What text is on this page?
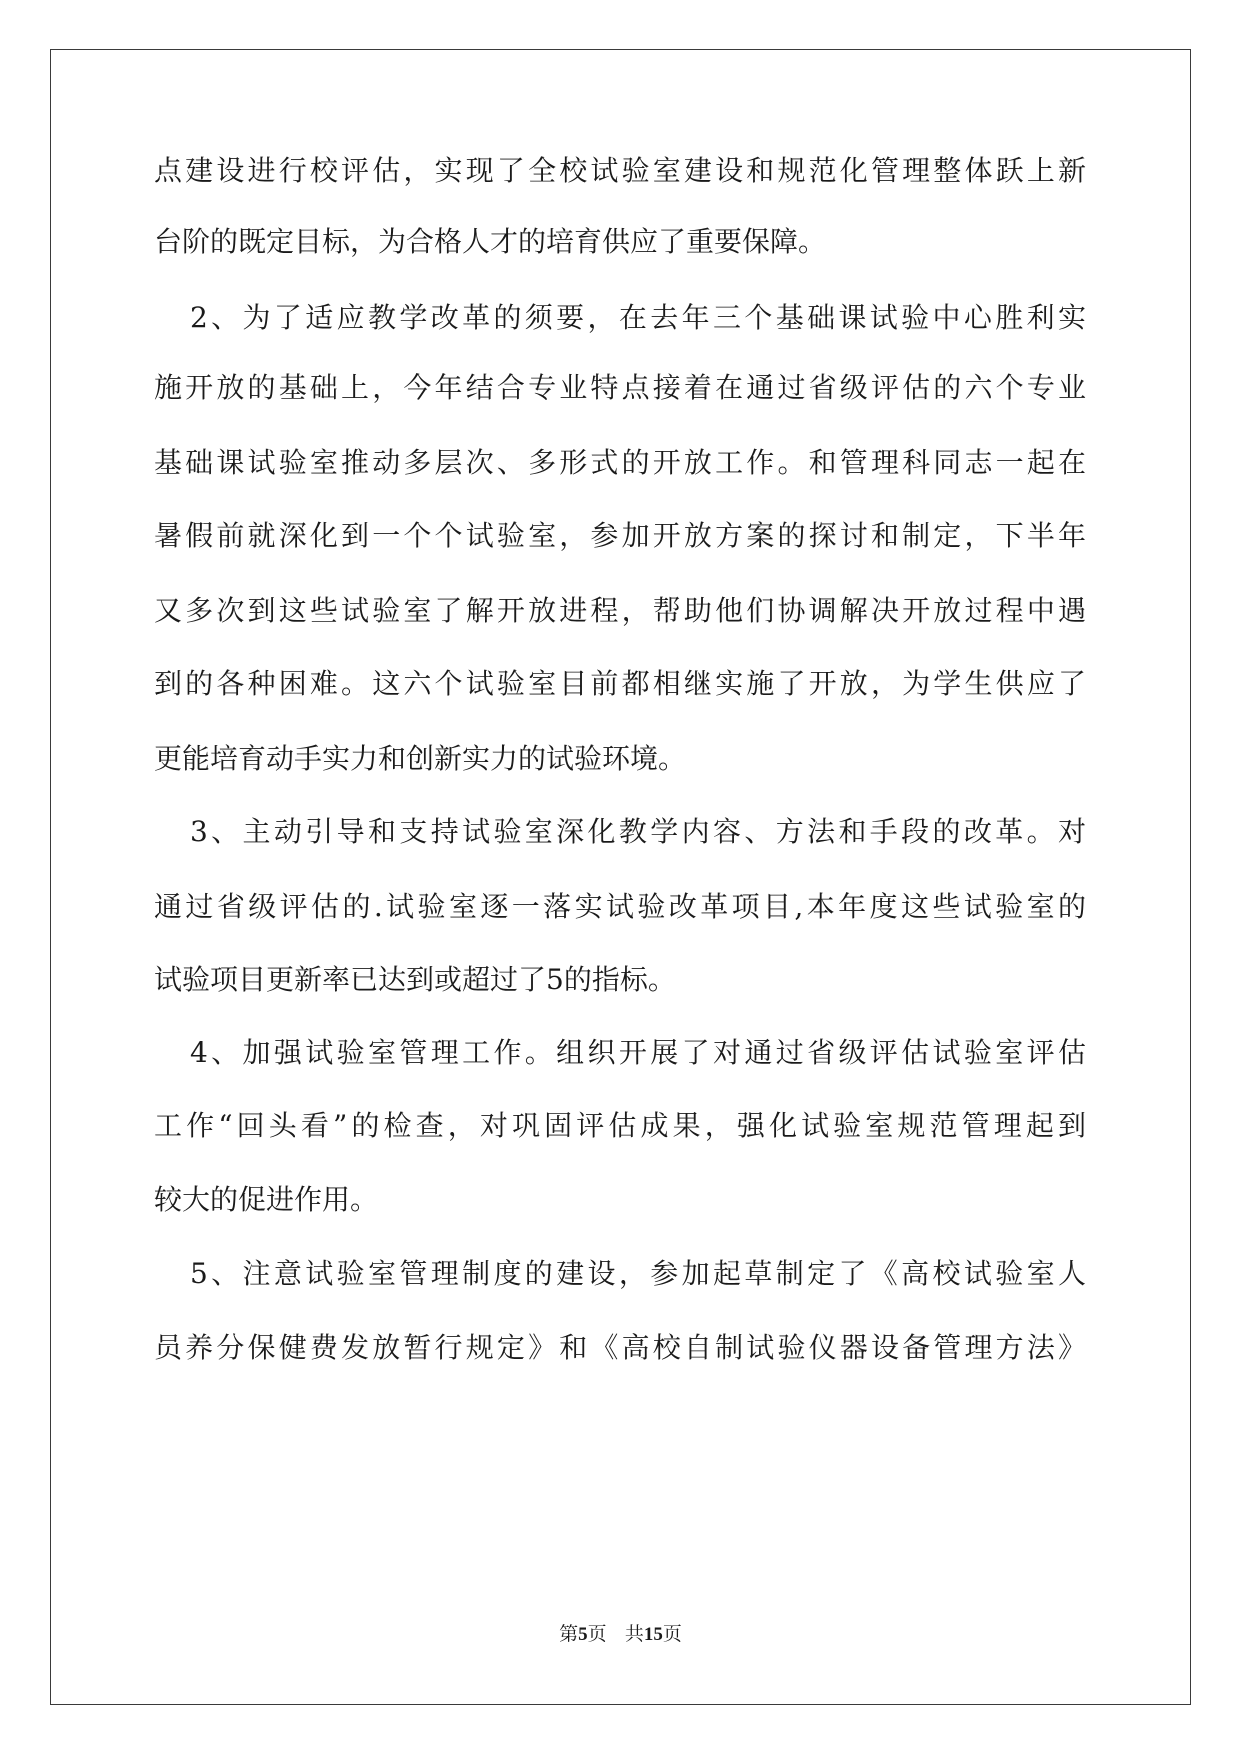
点建设进行校评估，实现了全校试验室建设和规范化管理整体跃上新
台阶的既定目标，为合格人才的培育供应了重要保障。
2、为了适应教学改革的须要，在去年三个基础课试验中心胜利实
施开放的基础上，今年结合专业特点接着在通过省级评估的六个专业
基础课试验室推动多层次、多形式的开放工作。和管理科同志一起在
暑假前就深化到一个个试验室，参加开放方案的探讨和制定，下半年
又多次到这些试验室了解开放进程，帮助他们协调解决开放过程中遇
到的各种困难。这六个试验室目前都相继实施了开放，为学生供应了
更能培育动手实力和创新实力的试验环境。
3、主动引导和支持试验室深化教学内容、方法和手段的改革。对
通过省级评估的.试验室逐一落实试验改革项目,本年度这些试验室的
试验项目更新率已达到或超过了5的指标。
4、加强试验室管理工作。组织开展了对通过省级评估试验室评估
工作“回头看”的检查，对巩固评估成果，强化试验室规范管理起到
较大的促进作用。
5、注意试验室管理制度的建设，参加起草制定了《高校试验室人
员养分保健费发放暂行规定》和《高校自制试验仪器设备管理方法》
第5页 共15页
